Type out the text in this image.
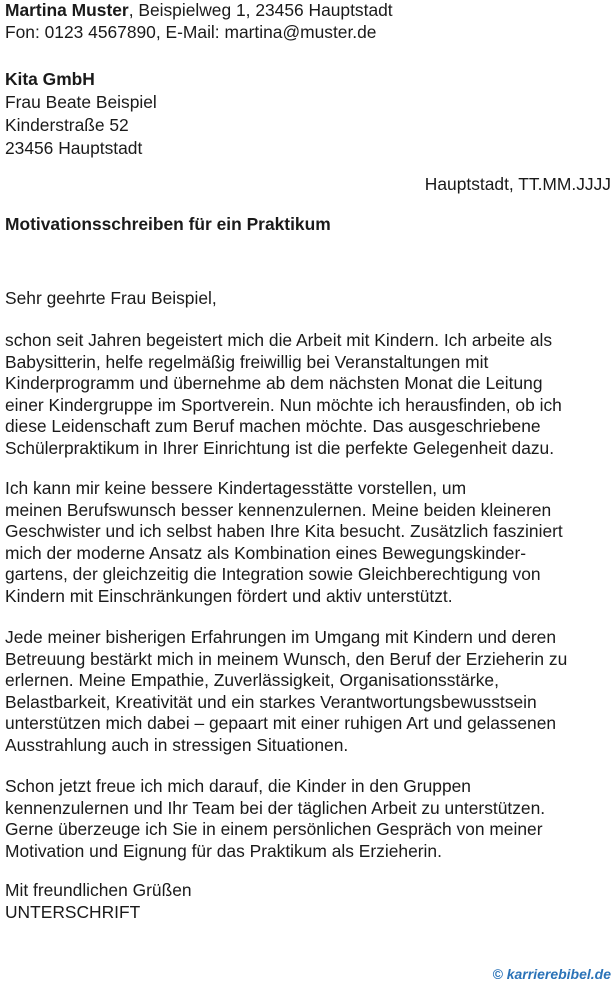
Martina Muster, Beispielweg 1, 23456 Hauptstadt
Fon: 0123 4567890, E-Mail: martina@muster.de
Kita GmbH
Frau Beate Beispiel
Kinderstraße 52
23456 Hauptstadt
Hauptstadt, TT.MM.JJJJ
Motivationsschreiben für ein Praktikum
Sehr geehrte Frau Beispiel,
schon seit Jahren begeistert mich die Arbeit mit Kindern. Ich arbeite als
Babysitterin, helfe regelmäßig freiwillig bei Veranstaltungen mit
Kinderprogramm und übernehme ab dem nächsten Monat die Leitung
einer Kindergruppe im Sportverein. Nun möchte ich herausfinden, ob ich
diese Leidenschaft zum Beruf machen möchte. Das ausgeschriebene
Schülerpraktikum in Ihrer Einrichtung ist die perfekte Gelegenheit dazu.
Ich kann mir keine bessere Kindertagesstätte vorstellen, um
meinen Berufswunsch besser kennenzulernen. Meine beiden kleineren
Geschwister und ich selbst haben Ihre Kita besucht. Zusätzlich fasziniert
mich der moderne Ansatz als Kombination eines Bewegungskinder-
gartens, der gleichzeitig die Integration sowie Gleichberechtigung von
Kindern mit Einschränkungen fördert und aktiv unterstützt.
Jede meiner bisherigen Erfahrungen im Umgang mit Kindern und deren
Betreuung bestärkt mich in meinem Wunsch, den Beruf der Erzieherin zu
erlernen. Meine Empathie, Zuverlässigkeit, Organisationsstärke,
Belastbarkeit, Kreativität und ein starkes Verantwortungsbewusstsein
unterstützen mich dabei – gepaart mit einer ruhigen Art und gelassenen
Ausstrahlung auch in stressigen Situationen.
Schon jetzt freue ich mich darauf, die Kinder in den Gruppen
kennenzulernen und Ihr Team bei der täglichen Arbeit zu unterstützen.
Gerne überzeuge ich Sie in einem persönlichen Gespräch von meiner
Motivation und Eignung für das Praktikum als Erzieherin.
Mit freundlichen Grüßen
UNTERSCHRIFT
© karrierebibel.de
